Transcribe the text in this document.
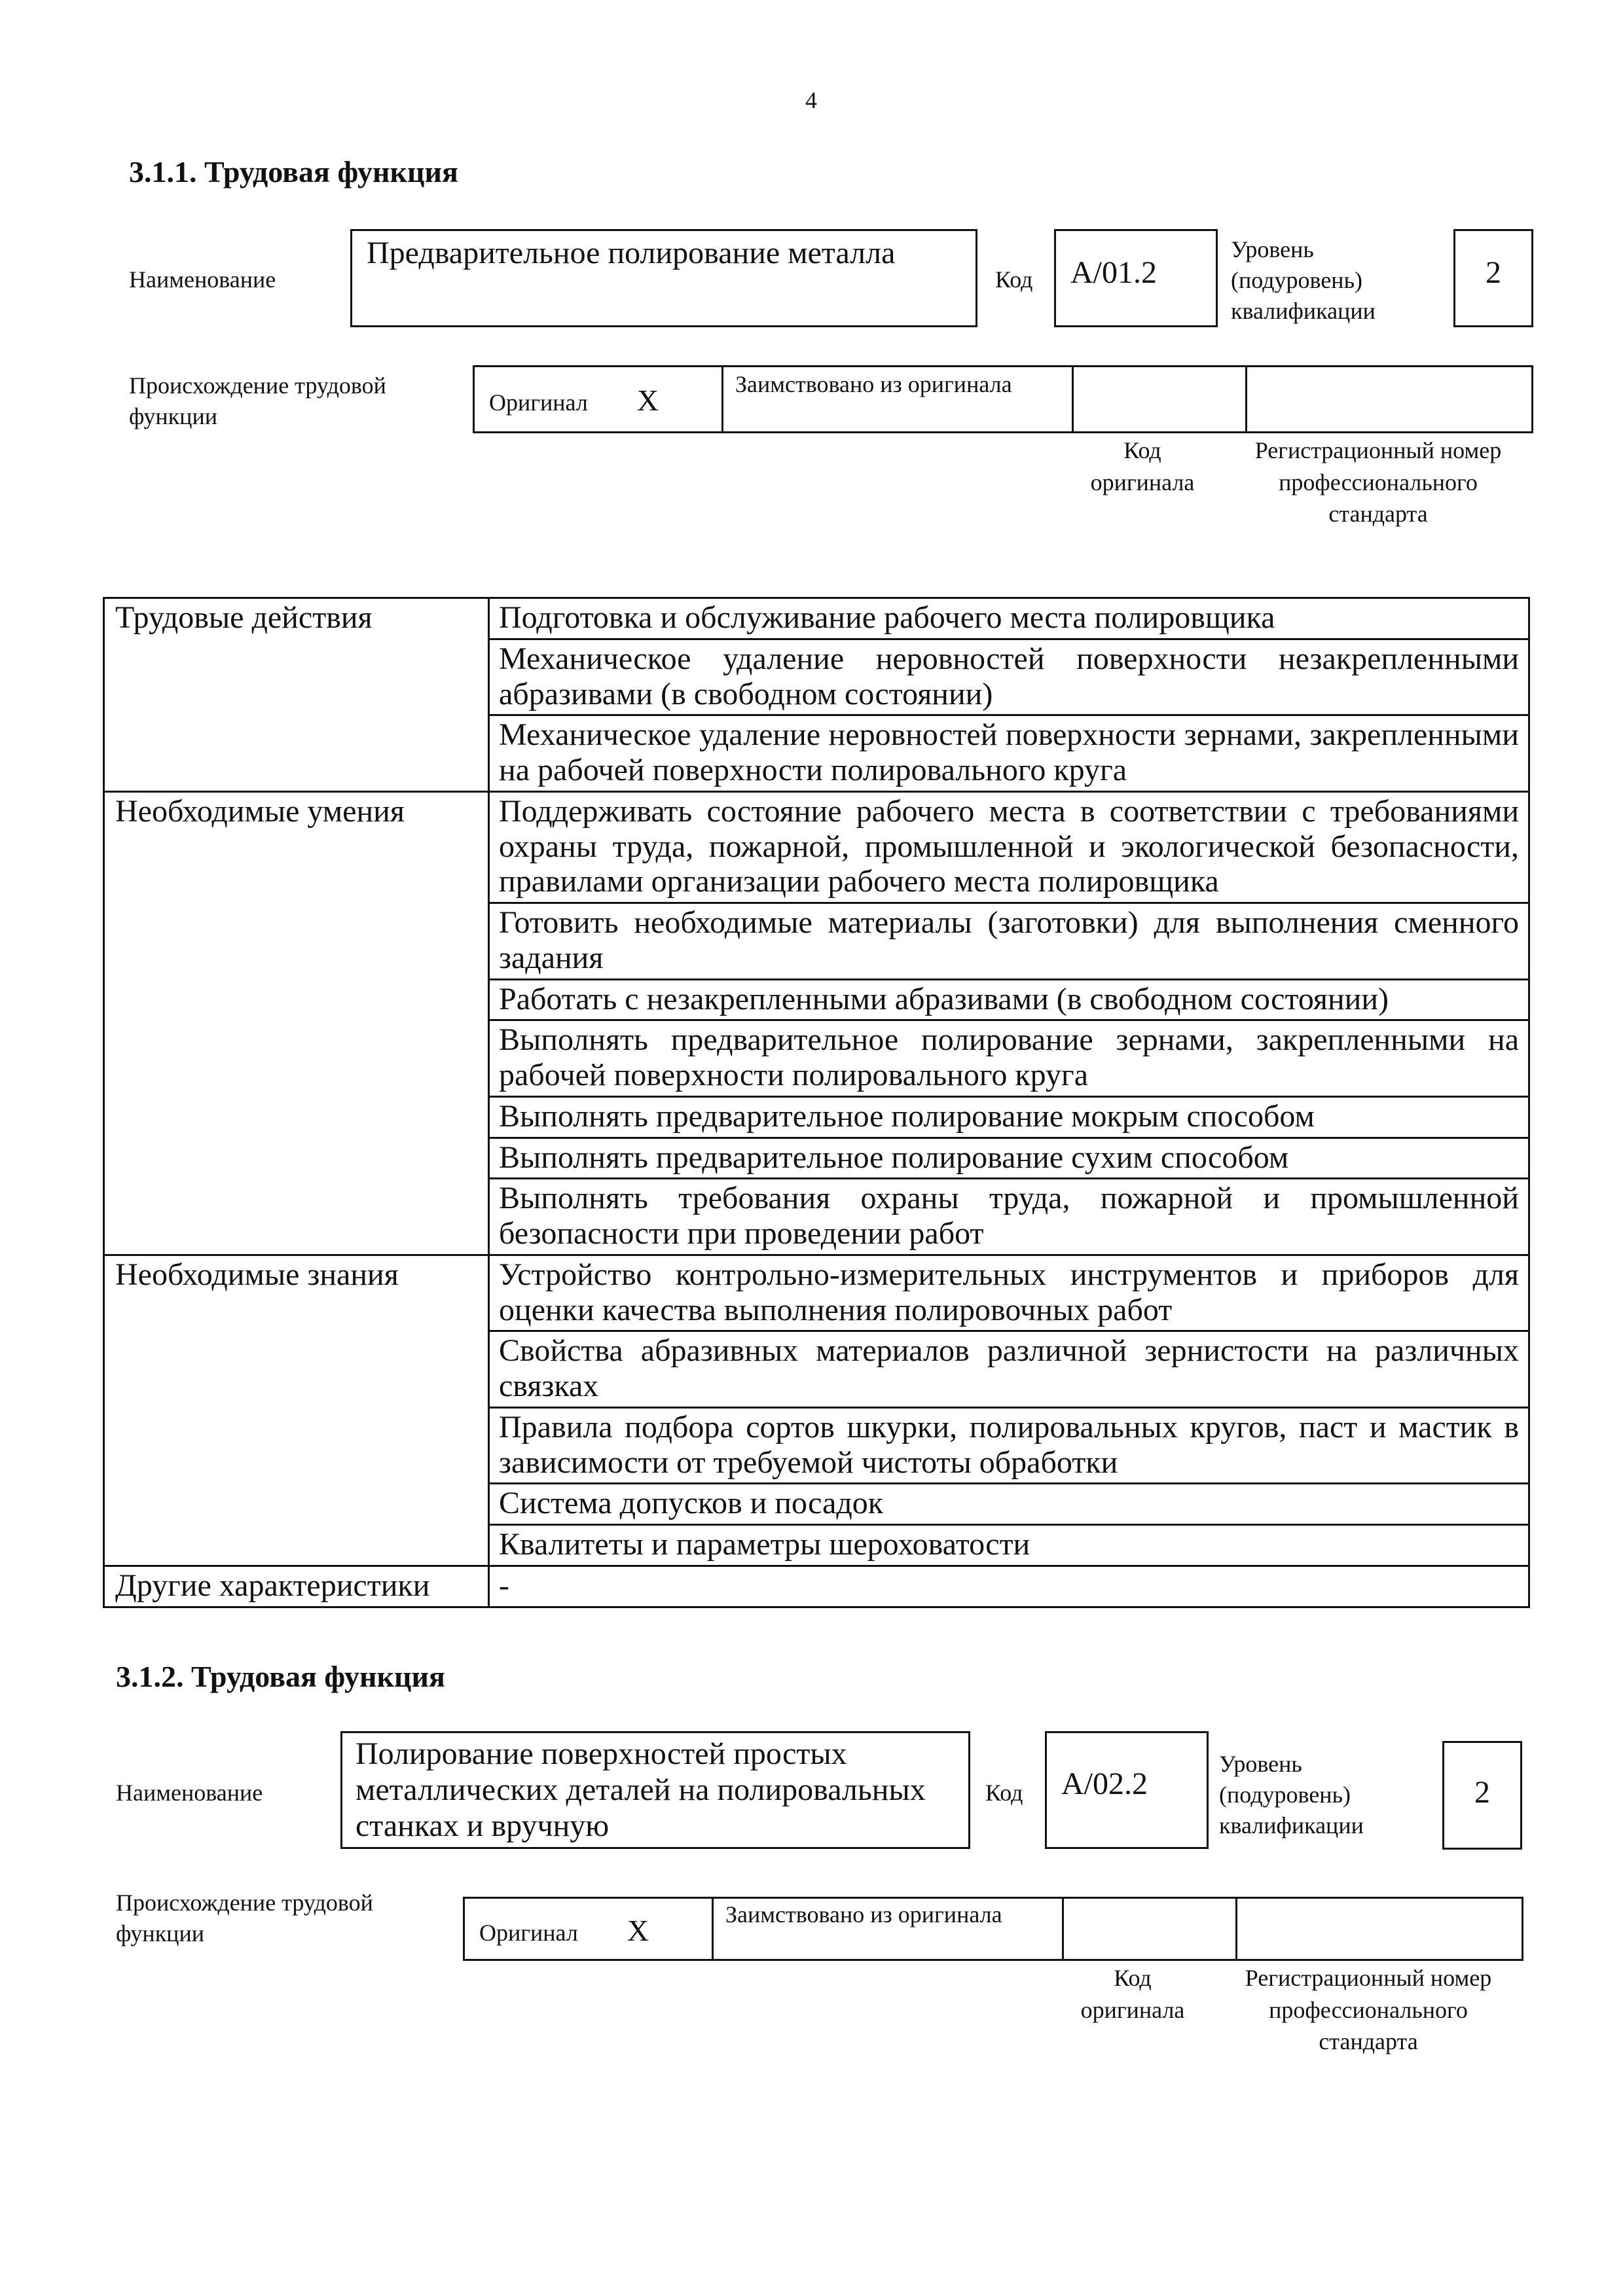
4
3.1.1. Трудовая функция
Наименование
Предварительное полирование металла
Код	А/01.2
Уровень (подуровень) квалификации
2
Происхождение трудовой функции
Оригинал X	Заимствовано из оригинала
Код оригинала
Регистрационный номер профессионального стандарта
Трудовые действия	Подготовка и обслуживание рабочего места полировщика
	Механическое удаление неровностей поверхности незакрепленными абразивами (в свободном состоянии)
	Механическое удаление неровностей поверхности зернами, закрепленными на рабочей поверхности полировального круга
Необходимые умения	Поддерживать состояние рабочего места в соответствии с требованиями охраны труда, пожарной, промышленной и экологической безопасности, правилами организации рабочего места полировщика
	Готовить необходимые материалы (заготовки) для выполнения сменного задания
	Работать с незакрепленными абразивами (в свободном состоянии)
	Выполнять предварительное полирование зернами, закрепленными на рабочей поверхности полировального круга
	Выполнять предварительное полирование мокрым способом
	Выполнять предварительное полирование сухим способом
	Выполнять требования охраны труда, пожарной и промышленной безопасности при проведении работ
Необходимые знания	Устройство контрольно-измерительных инструментов и приборов для оценки качества выполнения полировочных работ
	Свойства абразивных материалов различной зернистости на различных связках
	Правила подбора сортов шкурки, полировальных кругов, паст и мастик в зависимости от требуемой чистоты обработки
	Система допусков и посадок
	Квалитеты и параметры шероховатости
Другие характеристики	-
3.1.2. Трудовая функция
Наименование
Полирование поверхностей простых металлических деталей на полировальных станках и вручную
Код	А/02.2
Уровень (подуровень) квалификации
2
Происхождение трудовой функции	Оригинал X	Заимствовано из оригинала
Код оригинала
Регистрационный номер профессионального стандарта
